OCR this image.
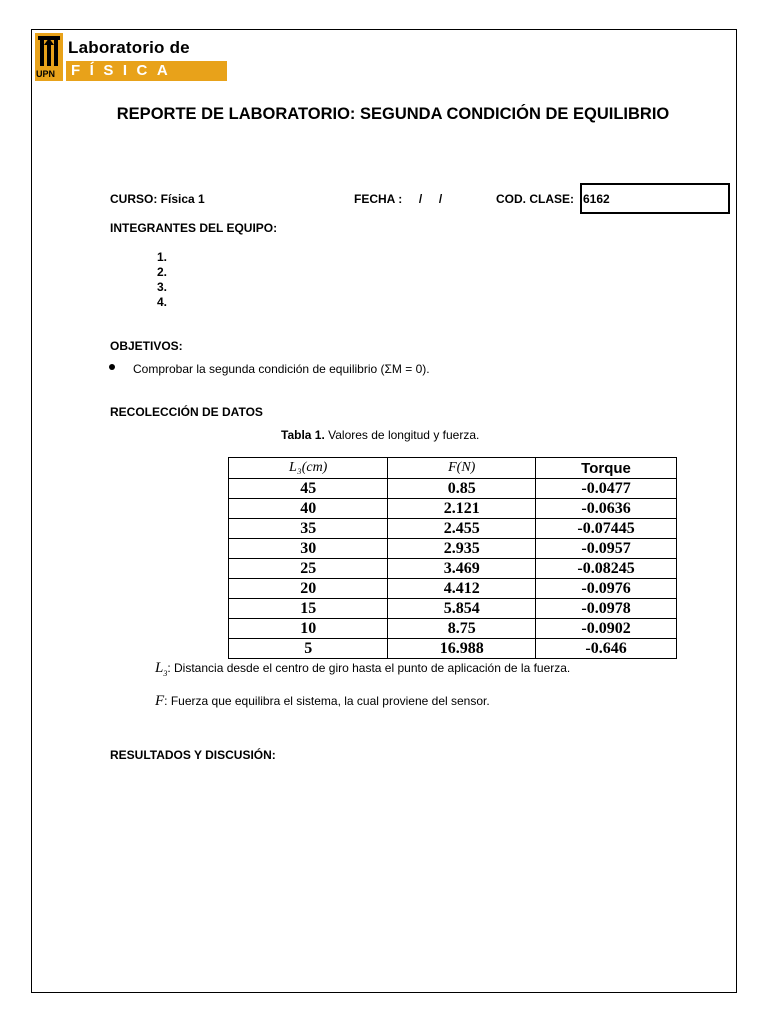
UPN
Laboratorio de
FÍSICA
REPORTE DE LABORATORIO: SEGUNDA CONDICIÓN DE EQUILIBRIO
CURSO: Física 1	FECHA :     /     /	COD. CLASE: 6162
INTEGRANTES DEL EQUIPO:
1.
2.
3.
4.
OBJETIVOS:
Comprobar la segunda condición de equilibrio (ΣM = 0).
RECOLECCIÓN DE DATOS
Tabla 1. Valores de longitud y fuerza.
L₃(cm)	F(N)	Torque
45	0.85	-0.0477
40	2.121	-0.0636
35	2.455	-0.07445
30	2.935	-0.0957
25	3.469	-0.08245
20	4.412	-0.0976
15	5.854	-0.0978
10	8.75	-0.0902
5	16.988	-0.646
$L_3$: Distancia desde el centro de giro hasta el punto de aplicación de la fuerza.
F: Fuerza que equilibra el sistema, la cual proviene del sensor.
RESULTADOS Y DISCUSIÓN:
